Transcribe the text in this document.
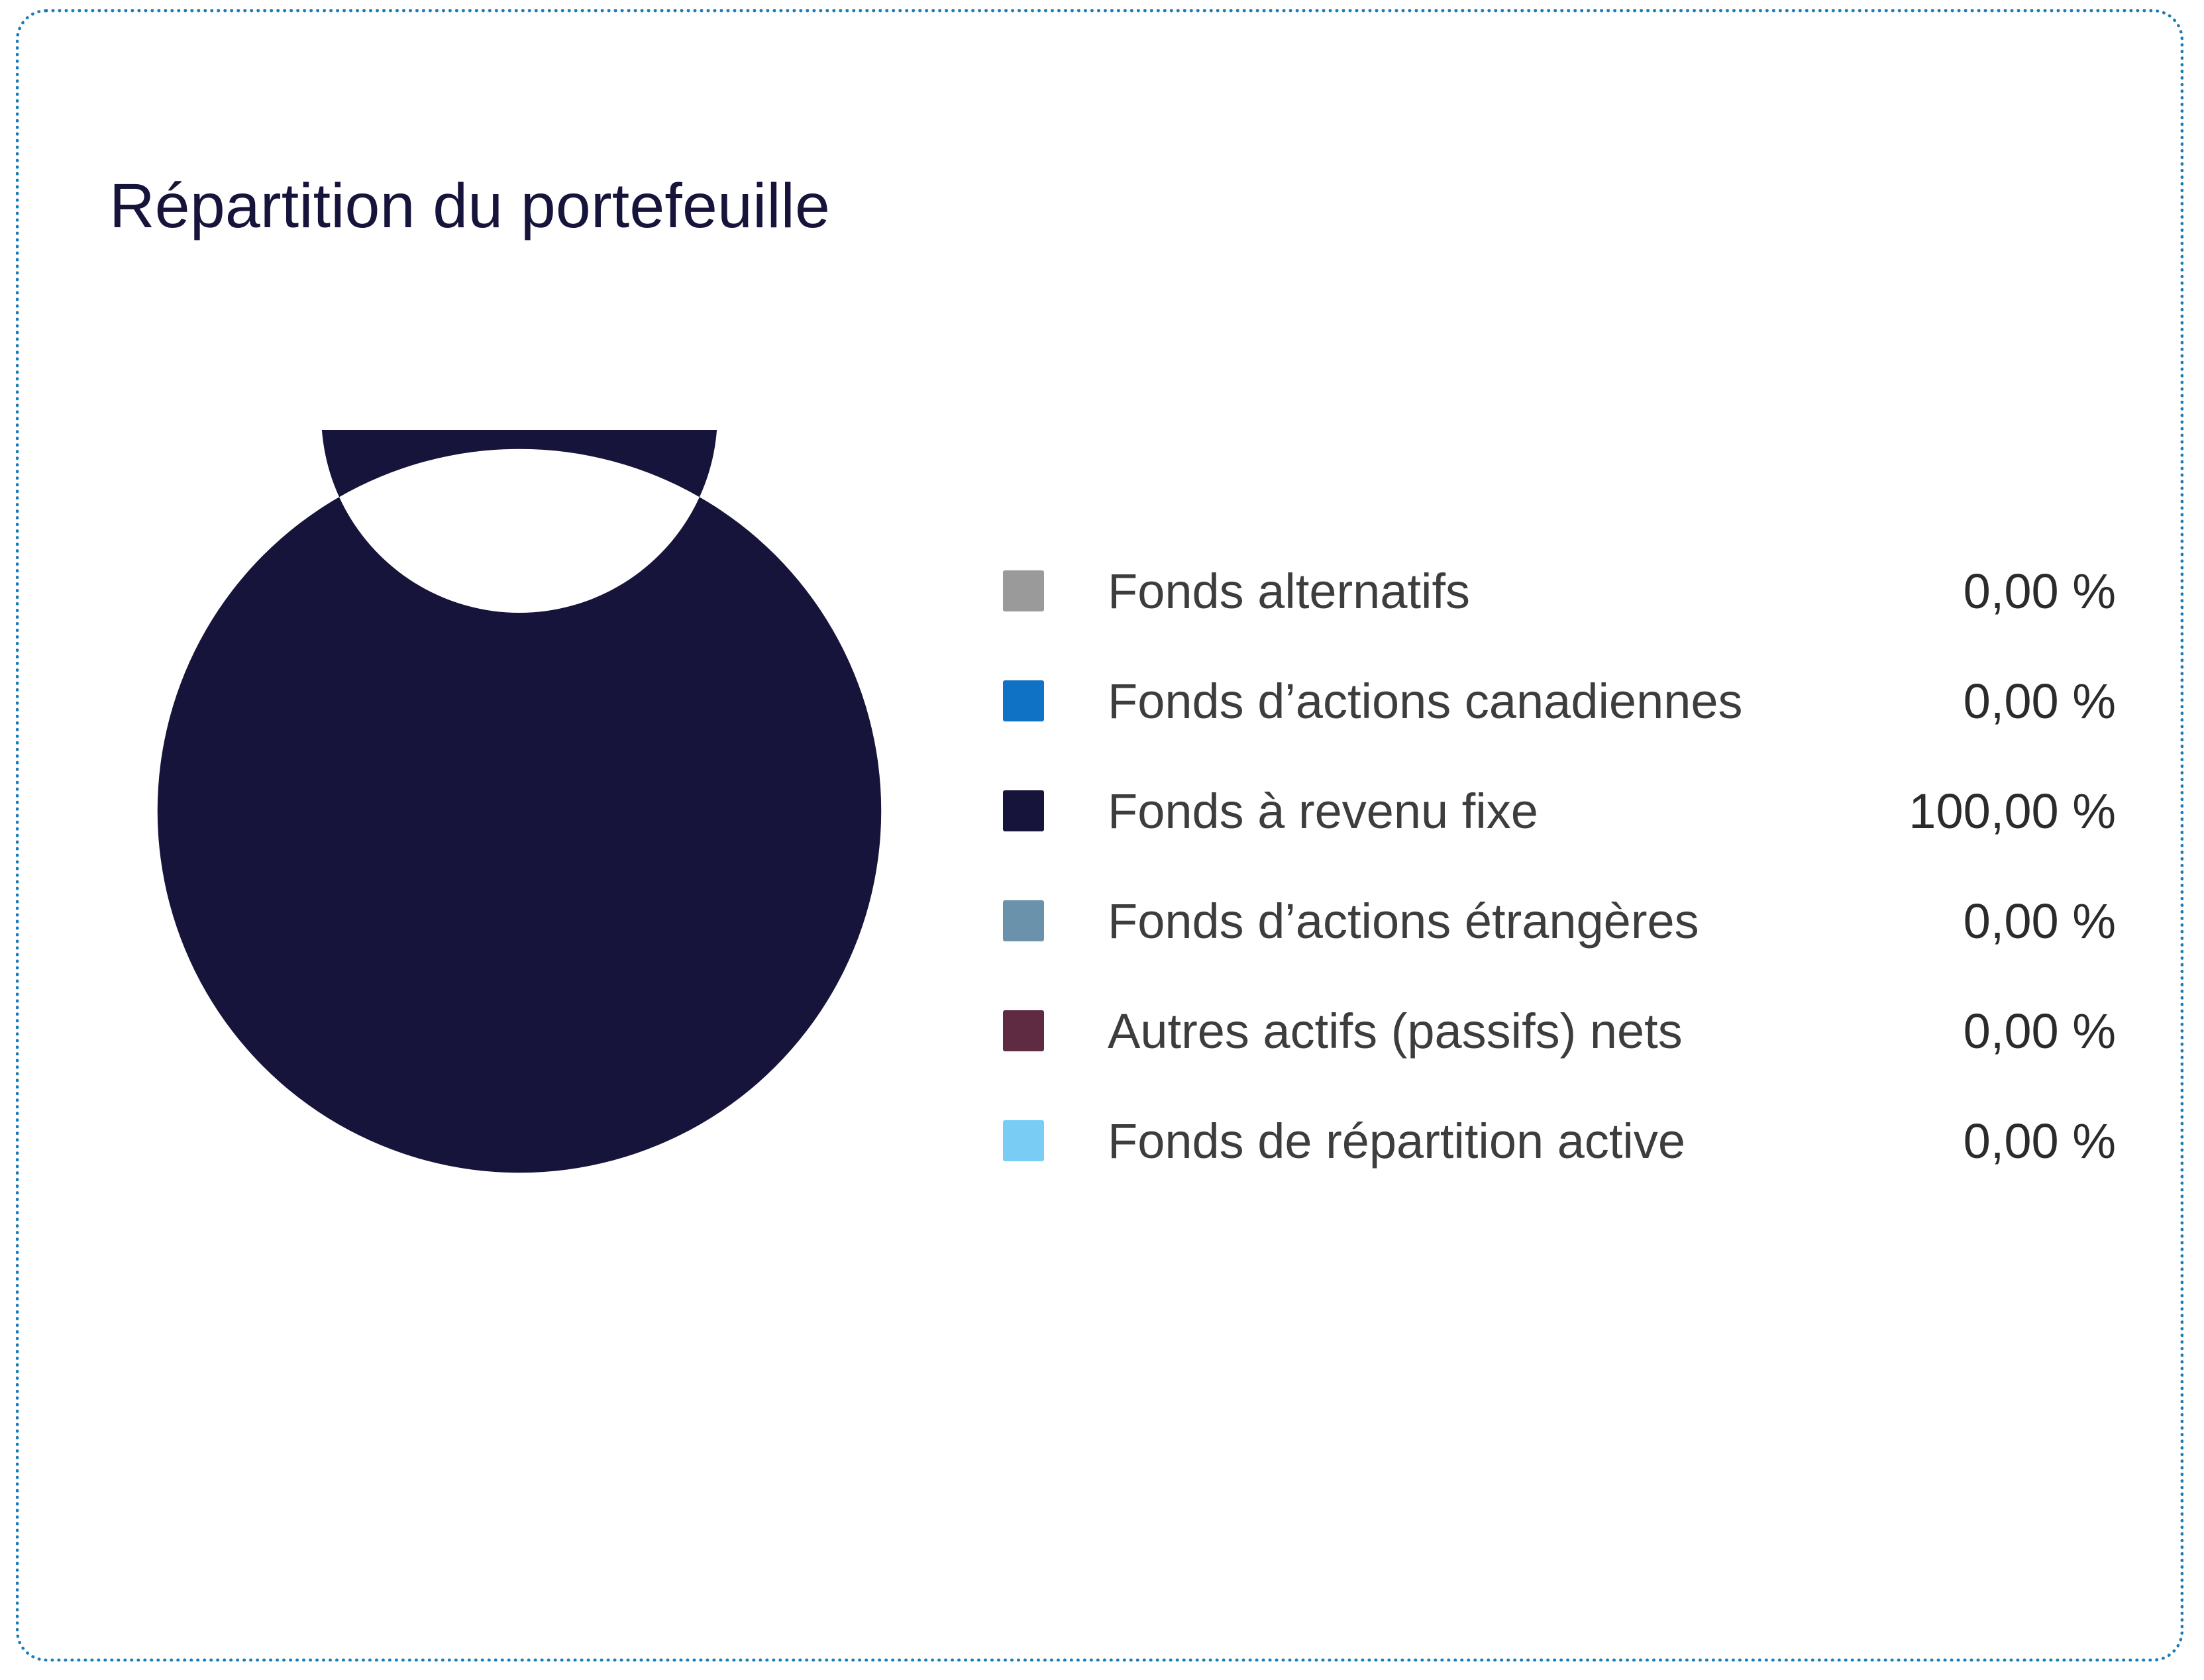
Répartition du portefeuille
Fonds alternatifs	0,00 %
Fonds d’actions canadiennes	0,00 %
Fonds à revenu fixe	100,00 %
Fonds d’actions étrangères	0,00 %
Autres actifs (passifs) nets	0,00 %
Fonds de répartition active	0,00 %
